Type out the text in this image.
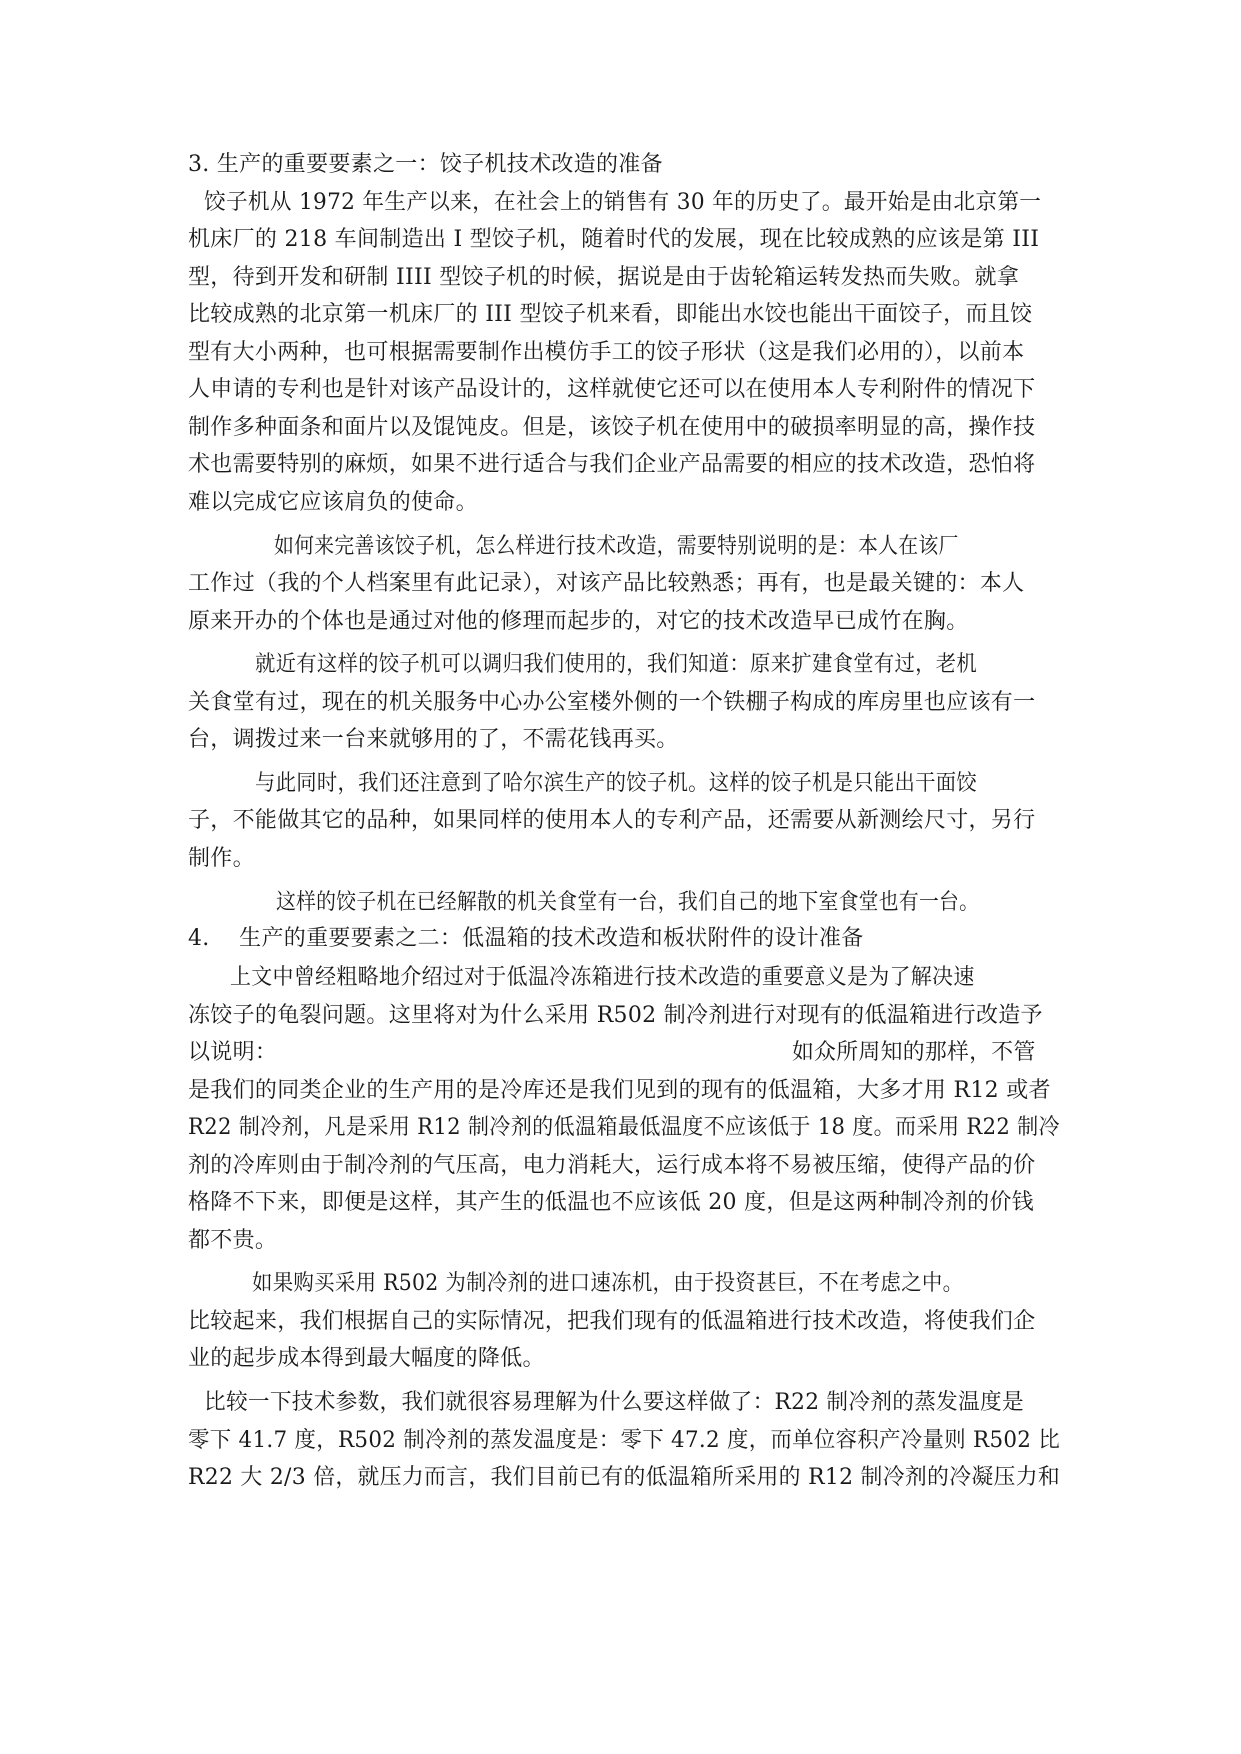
3. 生产的重要要素之一：饺子机技术改造的准备
饺子机从 1972 年生产以来，在社会上的销售有 30 年的历史了。最开始是由北京第一
机床厂的 218 车间制造出 I 型饺子机，随着时代的发展，现在比较成熟的应该是第 III
型，待到开发和研制 IIII 型饺子机的时候，据说是由于齿轮箱运转发热而失败。就拿
比较成熟的北京第一机床厂的 III 型饺子机来看，即能出水饺也能出干面饺子，而且饺
型有大小两种，也可根据需要制作出模仿手工的饺子形状（这是我们必用的），以前本
人申请的专利也是针对该产品设计的，这样就使它还可以在使用本人专利附件的情况下
制作多种面条和面片以及馄饨皮。但是，该饺子机在使用中的破损率明显的高，操作技
术也需要特别的麻烦，如果不进行适合与我们企业产品需要的相应的技术改造，恐怕将
难以完成它应该肩负的使命。
如何来完善该饺子机，怎么样进行技术改造，需要特别说明的是：本人在该厂
工作过（我的个人档案里有此记录），对该产品比较熟悉；再有，也是最关键的：本人
原来开办的个体也是通过对他的修理而起步的，对它的技术改造早已成竹在胸。
就近有这样的饺子机可以调归我们使用的，我们知道：原来扩建食堂有过，老机
关食堂有过，现在的机关服务中心办公室楼外侧的一个铁棚子构成的库房里也应该有一
台，调拨过来一台来就够用的了，不需花钱再买。
与此同时，我们还注意到了哈尔滨生产的饺子机。这样的饺子机是只能出干面饺
子，不能做其它的品种，如果同样的使用本人的专利产品，还需要从新测绘尺寸，另行
制作。
这样的饺子机在已经解散的机关食堂有一台，我们自己的地下室食堂也有一台。
4.　 生产的重要要素之二：低温箱的技术改造和板状附件的设计准备
上文中曾经粗略地介绍过对于低温冷冻箱进行技术改造的重要意义是为了解决速
冻饺子的龟裂问题。这里将对为什么采用 R502 制冷剂进行对现有的低温箱进行改造予
以说明：	如众所周知的那样，不管
是我们的同类企业的生产用的是冷库还是我们见到的现有的低温箱，大多才用 R12 或者
R22 制冷剂，凡是采用 R12 制冷剂的低温箱最低温度不应该低于 18 度。而采用 R22 制冷
剂的冷库则由于制冷剂的气压高，电力消耗大，运行成本将不易被压缩，使得产品的价
格降不下来，即便是这样，其产生的低温也不应该低 20 度，但是这两种制冷剂的价钱
都不贵。
如果购买采用 R502 为制冷剂的进口速冻机，由于投资甚巨，不在考虑之中。
比较起来，我们根据自己的实际情况，把我们现有的低温箱进行技术改造，将使我们企
业的起步成本得到最大幅度的降低。
比较一下技术参数，我们就很容易理解为什么要这样做了：R22 制冷剂的蒸发温度是
零下 41.7 度，R502 制冷剂的蒸发温度是：零下 47.2 度，而单位容积产冷量则 R502 比
R22 大 2/3 倍，就压力而言，我们目前已有的低温箱所采用的 R12 制冷剂的冷凝压力和
